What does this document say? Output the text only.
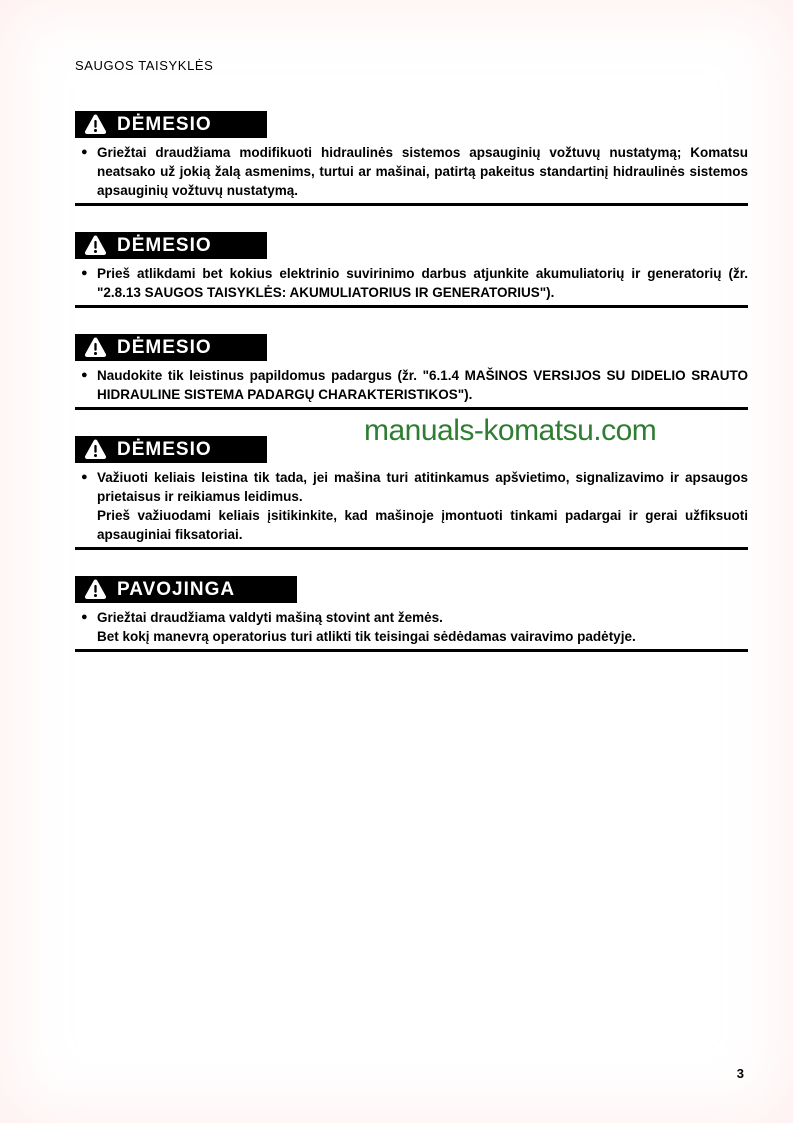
SAUGOS TAISYKLĖS

DĖMESIO
● Griežtai draudžiama modifikuoti hidraulinės sistemos apsauginių vožtuvų nustatymą; Komatsu neatsako už jokią žalą asmenims, turtui ar mašinai, patirtą pakeitus standartinį hidraulinės sistemos apsauginių vožtuvų nustatymą.
DĖMESIO
● Prieš atlikdami bet kokius elektrinio suvirinimo darbus atjunkite akumuliatorių ir generatorių (žr. "2.8.13 SAUGOS TAISYKLĖS: AKUMULIATORIUS IR GENERATORIUS").
DĖMESIO
● Naudokite tik leistinus papildomus padargus (žr. "6.1.4 MAŠINOS VERSIJOS SU DIDELIO SRAUTO HIDRAULINE SISTEMA PADARGŲ CHARAKTERISTIKOS").
DĖMESIO
● Važiuoti keliais leistina tik tada, jei mašina turi atitinkamus apšvietimo, signalizavimo ir apsaugos prietaisus ir reikiamus leidimus.
Prieš važiuodami keliais įsitikinkite, kad mašinoje įmontuoti tinkami padargai ir gerai užfiksuoti apsauginiai fiksatoriai.
PAVOJINGA
● Griežtai draudžiama valdyti mašiną stovint ant žemės.
Bet kokį manevrą operatorius turi atlikti tik teisingai sėdėdamas vairavimo padėtyje.
manuals-komatsu.com
3
